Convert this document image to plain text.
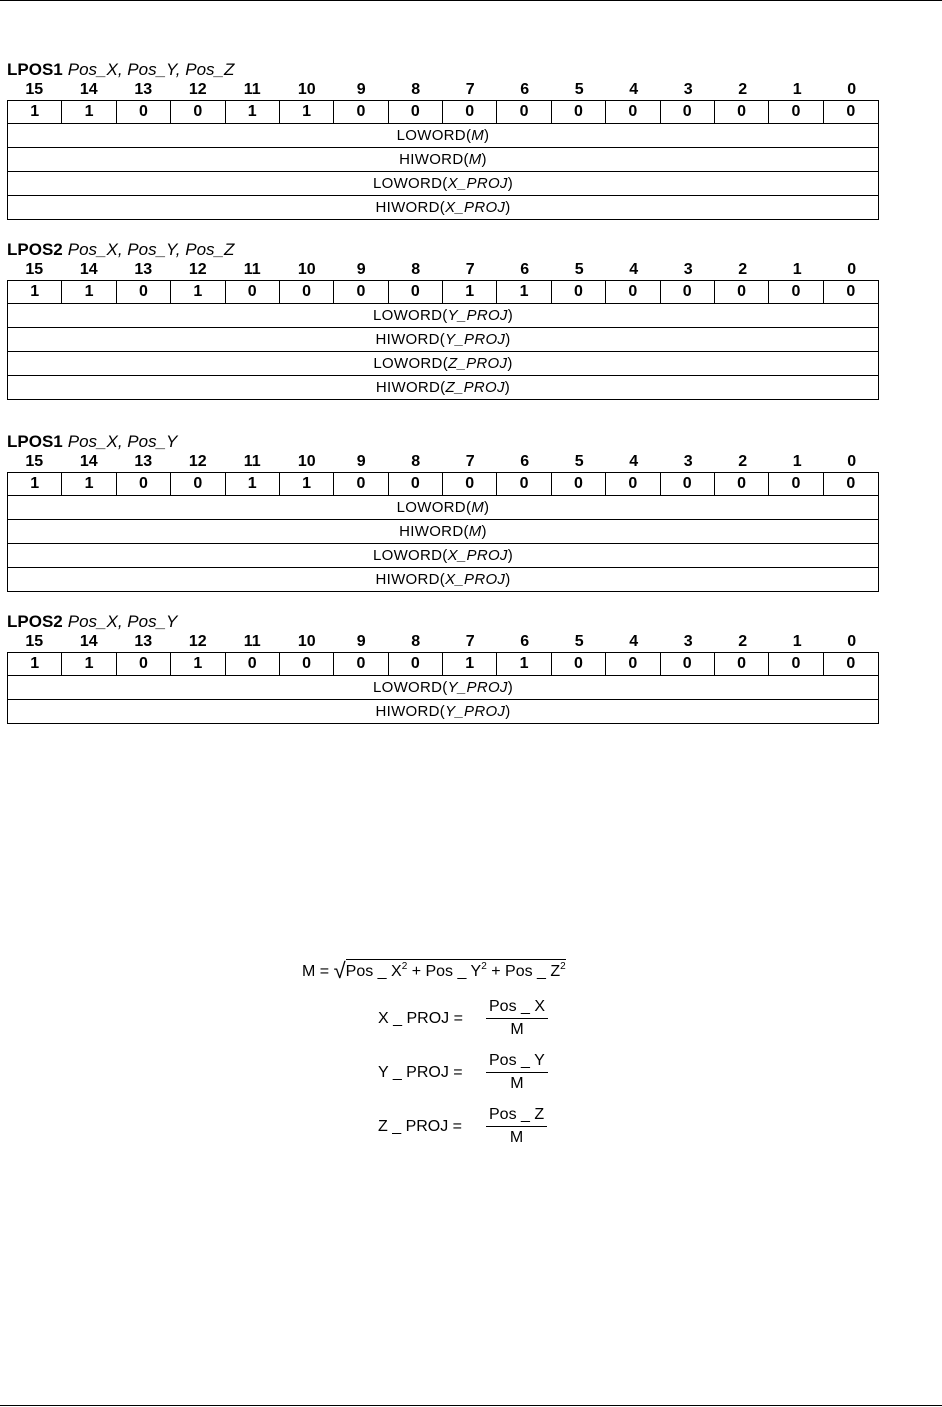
LPOS1 Pos_X, Pos_Y, Pos_Z
15	14	13	12	11	10	9	8	7	6	5	4	3	2	1	0
1	1	0	0	1	1	0	0	0	0	0	0	0	0	0	0
LOWORD(M)
HIWORD(M)
LOWORD(X_PROJ)
HIWORD(X_PROJ)
LPOS2 Pos_X, Pos_Y, Pos_Z
15	14	13	12	11	10	9	8	7	6	5	4	3	2	1	0
1	1	0	1	0	0	0	0	1	1	0	0	0	0	0	0
LOWORD(Y_PROJ)
HIWORD(Y_PROJ)
LOWORD(Z_PROJ)
HIWORD(Z_PROJ)
LPOS1 Pos_X, Pos_Y
15	14	13	12	11	10	9	8	7	6	5	4	3	2	1	0
1	1	0	0	1	1	0	0	0	0	0	0	0	0	0	0
LOWORD(M)
HIWORD(M)
LOWORD(X_PROJ)
HIWORD(X_PROJ)
LPOS2 Pos_X, Pos_Y
15	14	13	12	11	10	9	8	7	6	5	4	3	2	1	0
1	1	0	1	0	0	0	0	1	1	0	0	0	0	0	0
LOWORD(Y_PROJ)
HIWORD(Y_PROJ)
M = √Pos _ $X^2$ + Pos _ $Y^2$ + Pos _ $Z^2$
X _ PROJ =
Pos _ X
M
Y _ PROJ =
Pos _ Y
M
Z _ PROJ =
Pos _ Z
M
